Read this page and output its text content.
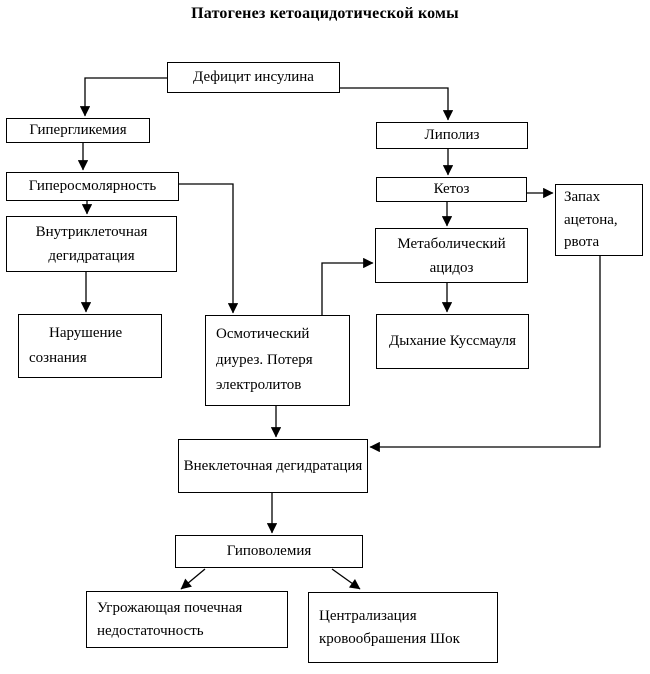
Патогенез кетоацидотической комы
Дефицит инсулина
Гипергликемия
Гиперосмолярность
Внутриклеточная дегидратация
Нарушение сознания
Осмотический диурез. Потеря электролитов
Липолиз
Кетоз
Метаболический ацидоз
Запах ацетона, рвота
Дыхание Куссмауля
Внеклеточная дегидратация
Гиповолемия
Угрожающая почечная недостаточность
Централизация кровообрашения Шок
